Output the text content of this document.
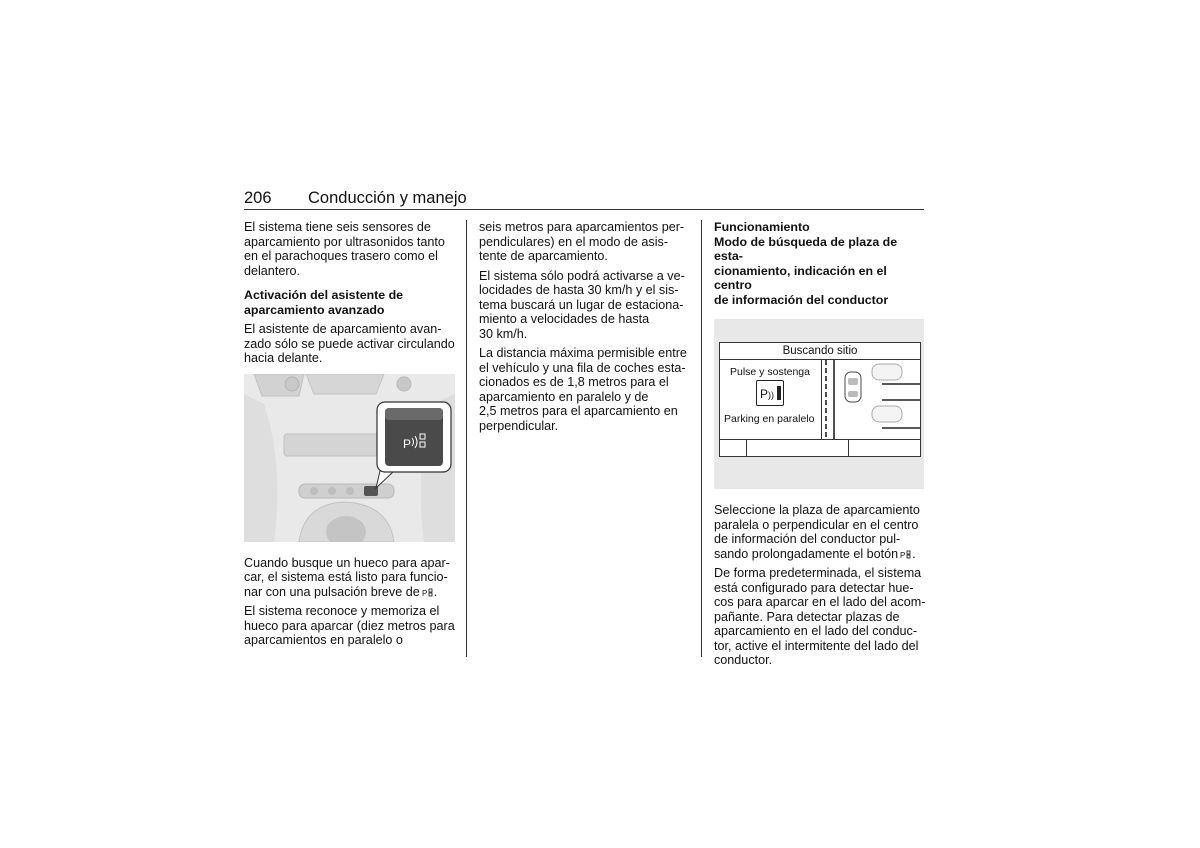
206 Conducción y manejo

El sistema tiene seis sensores de
aparcamiento por ultrasonidos tanto
en el parachoques trasero como el
delantero.

Activación del asistente de
aparcamiento avanzado

El asistente de aparcamiento avan-
zado sólo se puede activar circulando
hacia delante.

P

Cuando busque un hueco para apar-
car, el sistema está listo para funcio-
nar con una pulsación breve de P .

El sistema reconoce y memoriza el
hueco para aparcar (diez metros para
aparcamientos en paralelo o

seis metros para aparcamientos per-
pendiculares) en el modo de asis-
tente de aparcamiento.

El sistema sólo podrá activarse a ve-
locidades de hasta 30 km/h y el sis-
tema buscará un lugar de estaciona-
miento a velocidades de hasta
30 km/h.

La distancia máxima permisible entre
el vehículo y una fila de coches esta-
cionados es de 1,8 metros para el
aparcamiento en paralelo y de
2,5 metros para el aparcamiento en
perpendicular.

Funcionamiento

Modo de búsqueda de plaza de esta-
cionamiento, indicación en el centro
de información del conductor

Buscando sitio
Pulse y sostenga
P))
Parking en paralelo

Seleccione la plaza de aparcamiento
paralela o perpendicular en el centro
de información del conductor pul-
sando prolongadamente el botón P .

De forma predeterminada, el sistema
está configurado para detectar hue-
cos para aparcar en el lado del acom-
pañante. Para detectar plazas de
aparcamiento en el lado del conduc-
tor, active el intermitente del lado del
conductor.
